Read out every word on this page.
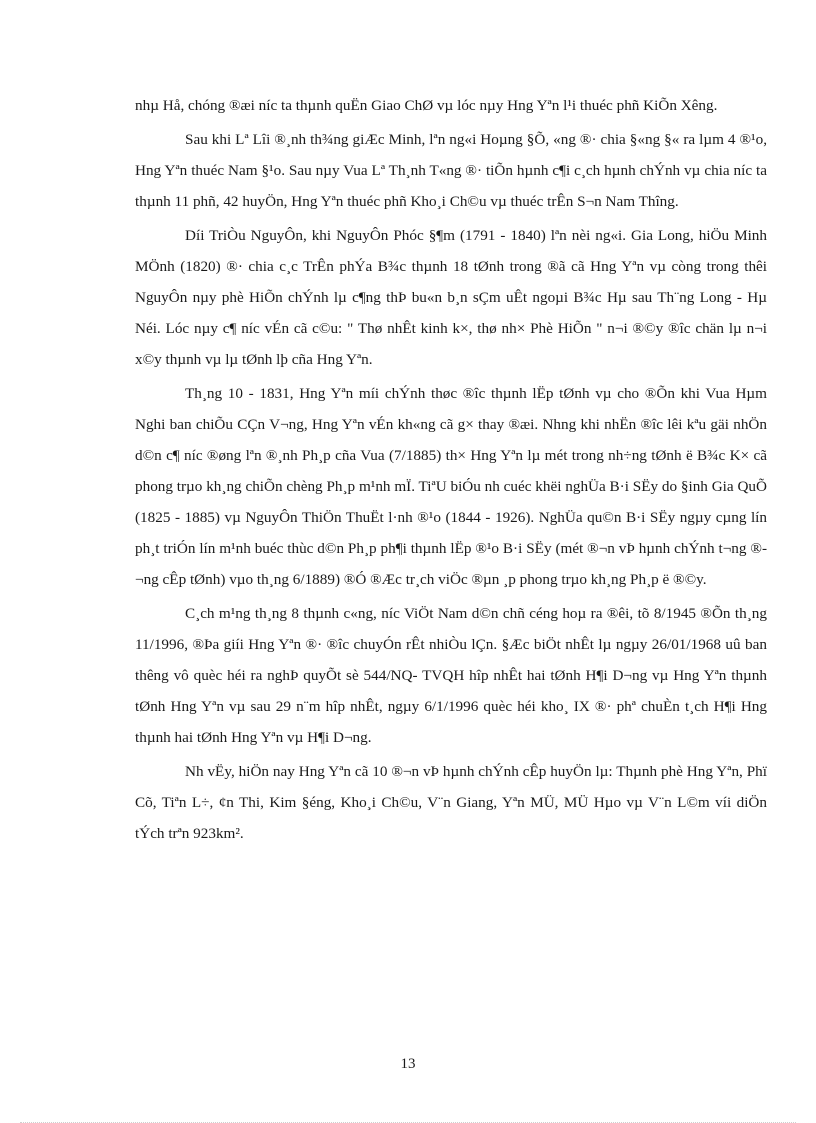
nhµ Hå, chóng ®æi níc ta thµnh quËn Giao ChØ vµ lóc nµy Hng Yªn l¹i thuéc phñ KiÕn Xêng.

Sau khi Lª Lîi ®¸nh th¾ng giÆc Minh, lªn ng«i Hoµng §Õ, «ng ®· chia §«ng §« ra lµm 4 ®¹o, Hng Yªn thuéc Nam §¹o. Sau nµy Vua Lª Th¸nh T«ng ®· tiÕn hµnh c¶i c¸ch hµnh chÝnh vµ chia níc ta thµnh 11 phñ, 42 huyÖn, Hng Yªn thuéc phñ Kho¸i Ch©u vµ thuéc trÊn S¬n Nam Thîng.

Díi TriÒu NguyÔn, khi NguyÔn Phóc §¶m (1791 - 1840) lªn nèi ng«i. Gia Long, hiÖu Minh MÖnh (1820) ®· chia c¸c TrÊn phÝa B¾c thµnh 18 tØnh trong ®ã cã Hng Yªn vµ còng trong thêi NguyÔn nµy phè HiÕn chÝnh lµ c¶ng thÞ bu«n b¸n sÇm uÊt ngoµi B¾c Hµ sau Th¨ng Long - Hµ Néi. Lóc nµy c¶ níc vÉn cã c©u: " Thø nhÊt kinh k×, thø nh× Phè HiÕn " n¬i ®©y ®îc chän lµ n¬i x©y thµnh vµ lµ tØnh lþ cña Hng Yªn.

Th¸ng 10 - 1831, Hng Yªn míi chÝnh thøc ®îc thµnh lËp tØnh vµ cho ®Õn khi Vua Hµm Nghi ban chiÕu CÇn V¬ng, Hng Yªn vÉn kh«ng cã g× thay ®æi. Nhng khi nhËn ®îc lêi kªu gäi nhÖn d©n c¶ níc ®øng lªn ®¸nh Ph¸p cña Vua (7/1885) th× Hng Yªn lµ mét trong nh÷ng tØnh ë B¾c K× cã phong trµo kh¸ng chiÕn chèng Ph¸p m¹nh mÏ. TiªU biÓu nh cuéc khëi nghÜa B·i SËy do §inh Gia QuÕ (1825 - 1885) vµ NguyÔn ThiÖn ThuËt l·nh ®¹o (1844 - 1926). NghÜa qu©n B·i SËy ngµy cµng lín ph¸t triÓn lín m¹nh buéc thùc d©n Ph¸p ph¶i thµnh lËp ®¹o B·i SËy (mét ®¬n vÞ hµnh chÝnh t¬ng ®¬ng cÊp tØnh) vµo th¸ng 6/1889) ®Ó ®Æc tr¸ch viÖc ®µn ¸p phong trµo kh¸ng Ph¸p ë ®©y.

C¸ch m¹ng th¸ng 8 thµnh c«ng, níc ViÖt Nam d©n chñ céng hoµ ra ®êi, tõ 8/1945 ®Õn th¸ng 11/1996, ®Þa giíi Hng Yªn ®· ®îc chuyÓn rÊt nhiÒu lÇn. §Æc biÖt nhÊt lµ ngµy 26/01/1968 uû ban thêng vô quèc héi ra nghÞ quyÕt sè 544/NQ- TVQH hîp nhÊt hai tØnh H¶i D¬ng vµ Hng Yªn thµnh tØnh Hng Yªn vµ sau 29 n¨m hîp nhÊt, ngµy 6/1/1996 quèc héi kho¸ IX ®· phª chuÈn t¸ch H¶i Hng thµnh hai tØnh Hng Yªn vµ H¶i D¬ng.

Nh vËy, hiÖn nay Hng Yªn cã 10 ®¬n vÞ hµnh chÝnh cÊp huyÖn lµ: Thµnh phè Hng Yªn, Phï Cõ, Tiªn L÷, ¢n Thi, Kim §éng, Kho¸i Ch©u, V¨n Giang, Yªn MÜ, MÜ Hµo vµ V¨n L©m víi diÖn tÝch trªn 923km².

13
